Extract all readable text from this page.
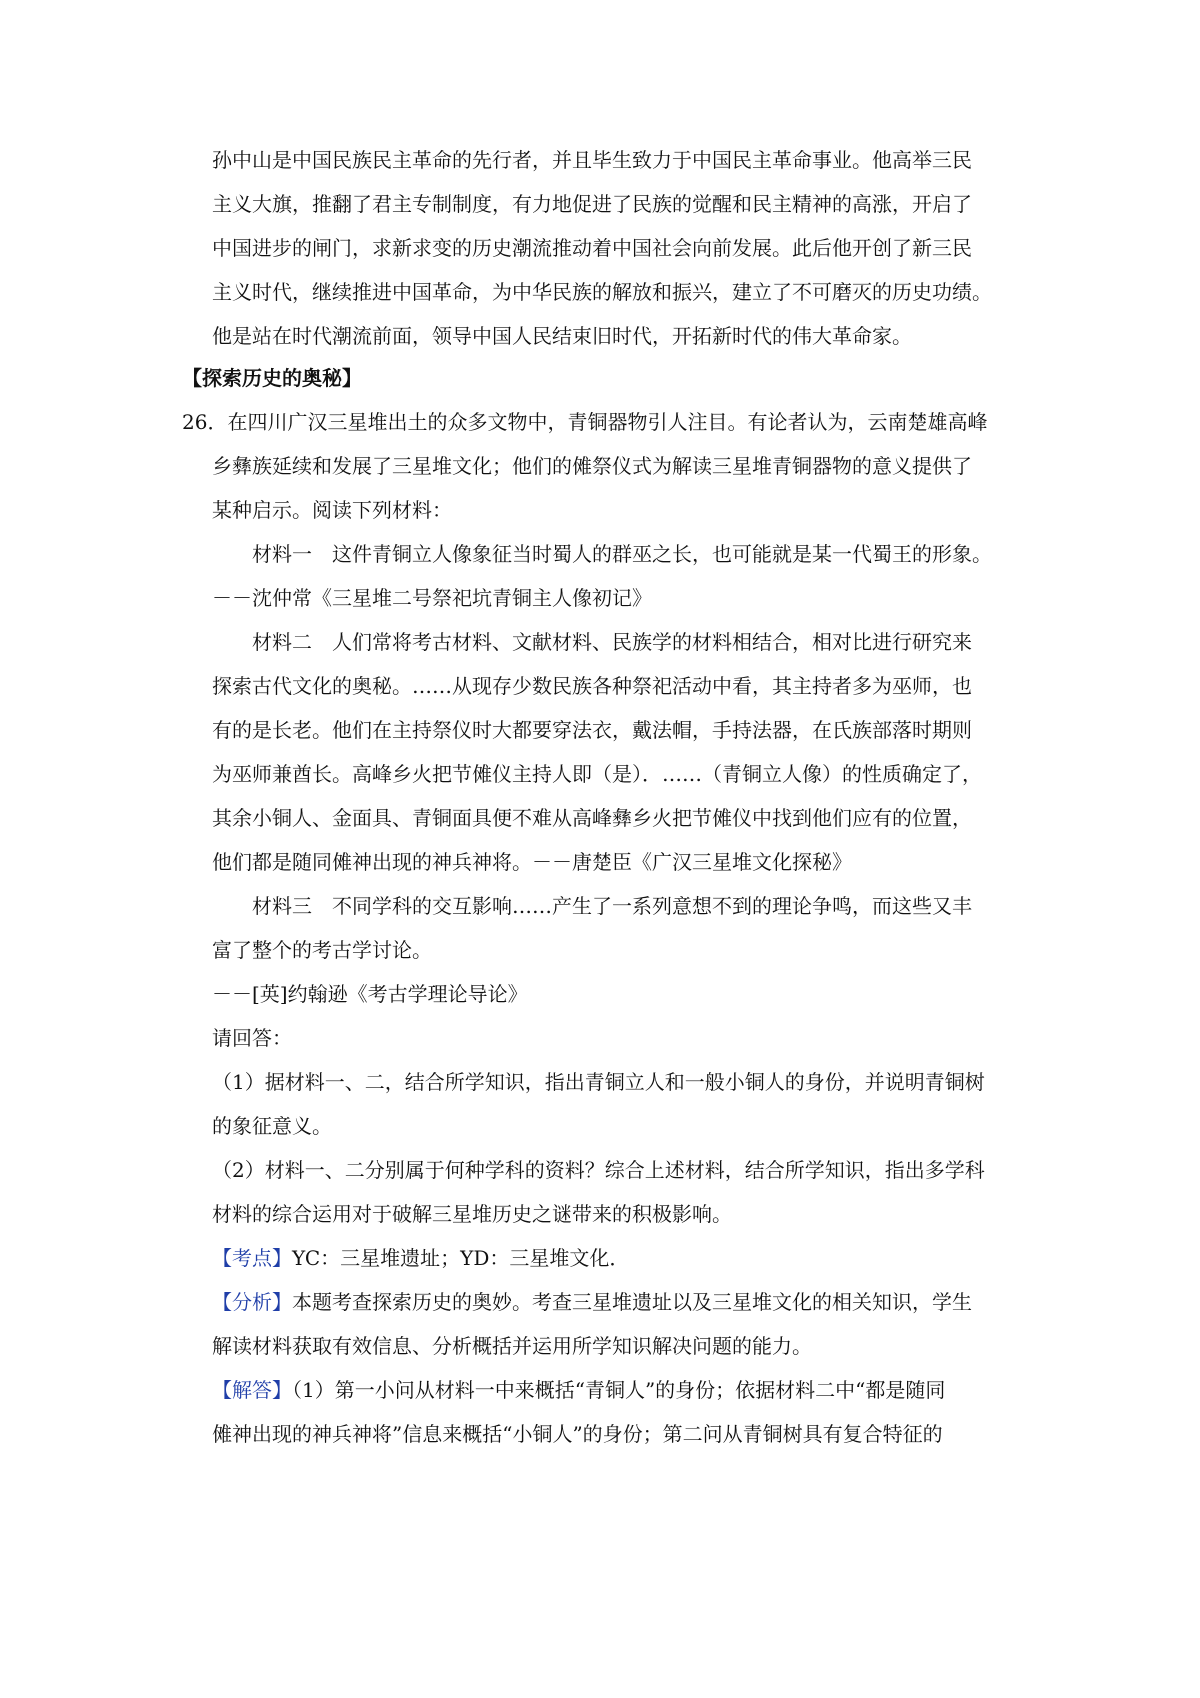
孙中山是中国民族民主革命的先行者，并且毕生致力于中国民主革命事业。他高举三民
主义大旗，推翻了君主专制制度，有力地促进了民族的觉醒和民主精神的高涨，开启了
中国进步的闸门，求新求变的历史潮流推动着中国社会向前发展。此后他开创了新三民
主义时代，继续推进中国革命，为中华民族的解放和振兴，建立了不可磨灭的历史功绩。
他是站在时代潮流前面，领导中国人民结束旧时代，开拓新时代的伟大革命家。
【探索历史的奥秘】
26．在四川广汉三星堆出土的众多文物中，青铜器物引人注目。有论者认为，云南楚雄高峰
乡彝族延续和发展了三星堆文化；他们的傩祭仪式为解读三星堆青铜器物的意义提供了
某种启示。阅读下列材料：
材料一　这件青铜立人像象征当时蜀人的群巫之长，也可能就是某一代蜀王的形象。
－－沈仲常《三星堆二号祭祀坑青铜主人像初记》
材料二　人们常将考古材料、文献材料、民族学的材料相结合，相对比进行研究来
探索古代文化的奥秘。……从现存少数民族各种祭祀活动中看，其主持者多为巫师，也
有的是长老。他们在主持祭仪时大都要穿法衣，戴法帽，手持法器，在氏族部落时期则
为巫师兼酋长。高峰乡火把节傩仪主持人即（是）．……（青铜立人像）的性质确定了，
其余小铜人、金面具、青铜面具便不难从高峰彝乡火把节傩仪中找到他们应有的位置，
他们都是随同傩神出现的神兵神将。－－唐楚臣《广汉三星堆文化探秘》
材料三　不同学科的交互影响……产生了一系列意想不到的理论争鸣，而这些又丰
富了整个的考古学讨论。
－－[英]约翰逊《考古学理论导论》
请回答：
（1）据材料一、二，结合所学知识，指出青铜立人和一般小铜人的身份，并说明青铜树
的象征意义。
（2）材料一、二分别属于何种学科的资料？综合上述材料，结合所学知识，指出多学科
材料的综合运用对于破解三星堆历史之谜带来的积极影响。
【考点】YC：三星堆遗址；YD：三星堆文化．
【分析】本题考查探索历史的奥妙。考查三星堆遗址以及三星堆文化的相关知识，学生
解读材料获取有效信息、分析概括并运用所学知识解决问题的能力。
【解答】（1）第一小问从材料一中来概括“青铜人”的身份；依据材料二中“都是随同
傩神出现的神兵神将”信息来概括“小铜人”的身份；第二问从青铜树具有复合特征的
